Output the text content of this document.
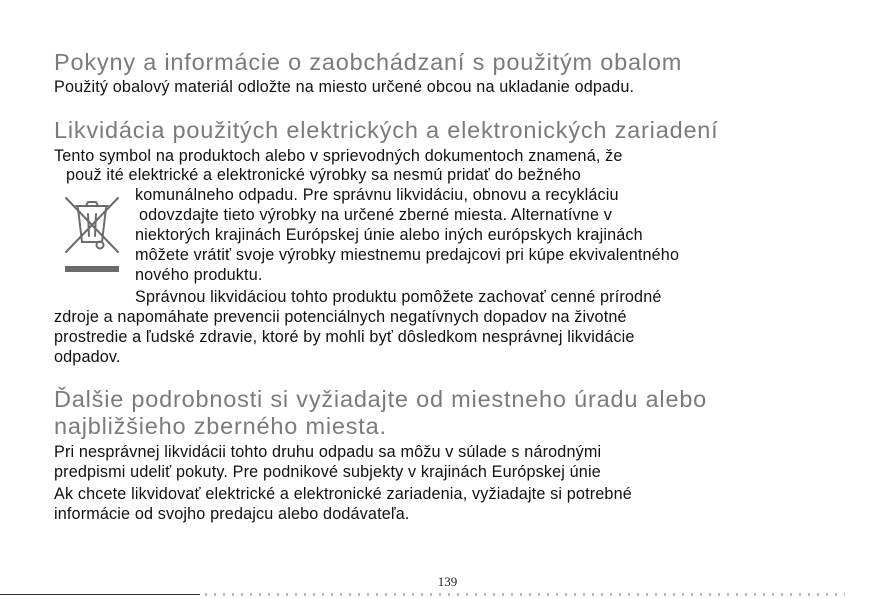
Pokyny a informácie o zaobchádzaní s použitým obalom
Použitý obalový materiál odložte na miesto určené obcou na ukladanie odpadu.
Likvidácia použitých elektrických a elektronických zariadení
Tento symbol na produktoch alebo v sprievodných dokumentoch znamená, že
použ ité elektrické a elektronické výrobky sa nesmú pridať do bežného
komunálneho odpadu. Pre správnu likvidáciu, obnovu a recykláciu
odovzdajte tieto výrobky na určené zberné miesta. Alternatívne v
niektorých krajinách Európskej únie alebo iných európskych krajinách
môžete vrátiť svoje výrobky miestnemu predajcovi pri kúpe ekvivalentného
nového produktu.
Správnou likvidáciou tohto produktu pomôžete zachovať cenné prírodné
zdroje a napomáhate prevencii potenciálnych negatívnych dopadov na životné
prostredie a ľudské zdravie, ktoré by mohli byť dôsledkom nesprávnej likvidácie
odpadov.
Ďalšie podrobnosti si vyžiadajte od miestneho úradu alebo
najbližšieho zberného miesta.
Pri nesprávnej likvidácii tohto druhu odpadu sa môžu v súlade s národnými
predpismi udeliť pokuty. Pre podnikové subjekty v krajinách Európskej únie
Ak chcete likvidovať elektrické a elektronické zariadenia, vyžiadajte si potrebné
informácie od svojho predajcu alebo dodávateľa.
139
